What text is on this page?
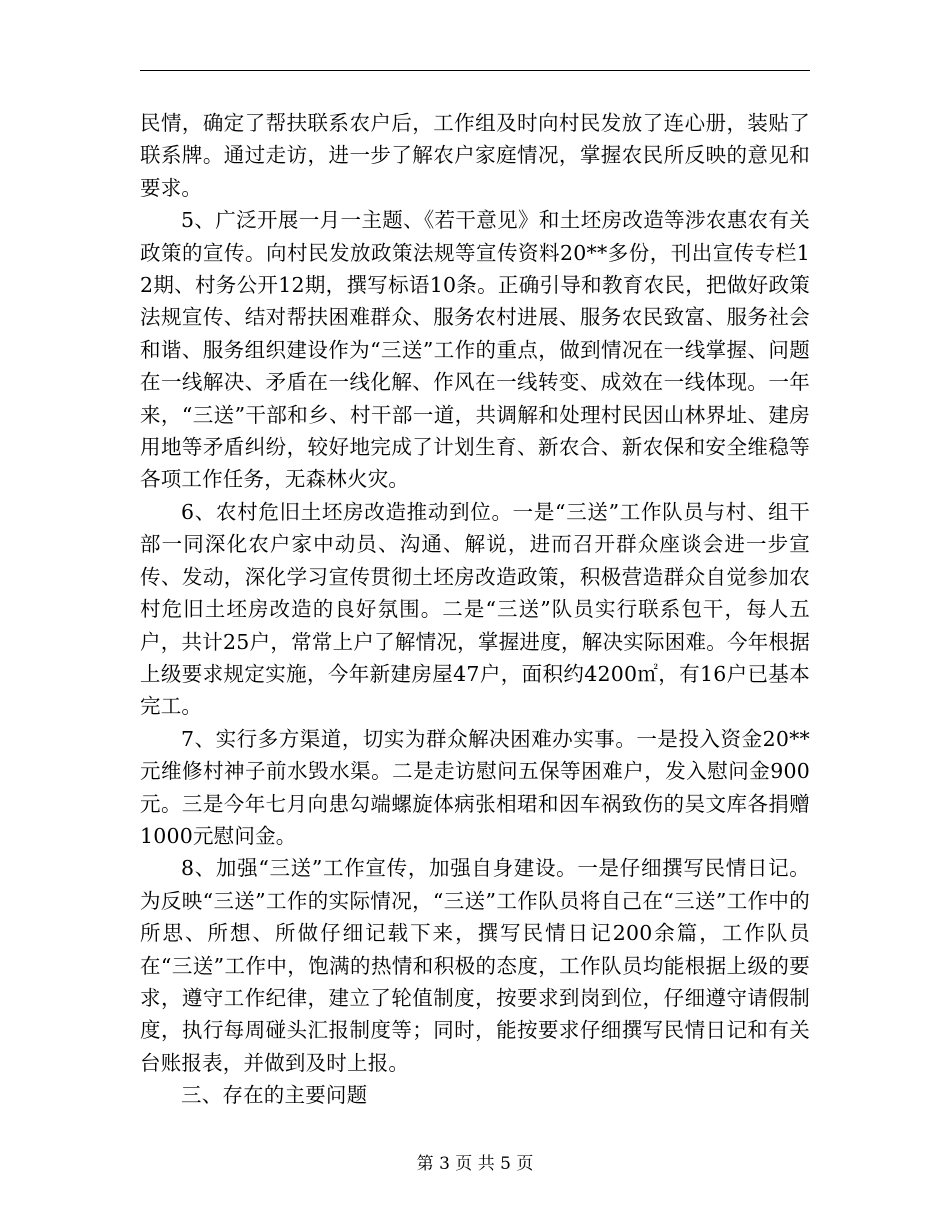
民情，确定了帮扶联系农户后，工作组及时向村民发放了连心册，装贴了联系牌。通过走访，进一步了解农户家庭情况，掌握农民所反映的意见和要求。

5、广泛开展一月一主题、《若干意见》和土坯房改造等涉农惠农有关政策的宣传。向村民发放政策法规等宣传资料20**多份，刊出宣传专栏12期、村务公开12期，撰写标语10条。正确引导和教育农民，把做好政策法规宣传、结对帮扶困难群众、服务农村进展、服务农民致富、服务社会和谐、服务组织建设作为“三送”工作的重点，做到情况在一线掌握、问题在一线解决、矛盾在一线化解、作风在一线转变、成效在一线体现。一年来，“三送”干部和乡、村干部一道，共调解和处理村民因山林界址、建房用地等矛盾纠纷，较好地完成了计划生育、新农合、新农保和安全维稳等各项工作任务，无森林火灾。

6、农村危旧土坯房改造推动到位。一是“三送”工作队员与村、组干部一同深化农户家中动员、沟通、解说，进而召开群众座谈会进一步宣传、发动，深化学习宣传贯彻土坯房改造政策，积极营造群众自觉参加农村危旧土坯房改造的良好氛围。二是“三送”队员实行联系包干，每人五户，共计25户，常常上户了解情况，掌握进度，解决实际困难。今年根据上级要求规定实施，今年新建房屋47户，面积约4200㎡，有16户已基本完工。

7、实行多方渠道，切实为群众解决困难办实事。一是投入资金20**元维修村神子前水毁水渠。二是走访慰问五保等困难户，发入慰问金900元。三是今年七月向患勾端螺旋体病张相珺和因车祸致伤的吴文库各捐赠1000元慰问金。

8、加强“三送”工作宣传，加强自身建设。一是仔细撰写民情日记。为反映“三送”工作的实际情况，“三送”工作队员将自己在“三送”工作中的所思、所想、所做仔细记载下来，撰写民情日记200余篇，工作队员在“三送”工作中，饱满的热情和积极的态度，工作队员均能根据上级的要求，遵守工作纪律，建立了轮值制度，按要求到岗到位，仔细遵守请假制度，执行每周碰头汇报制度等；同时，能按要求仔细撰写民情日记和有关台账报表，并做到及时上报。

三、存在的主要问题

第 3 页 共 5 页
